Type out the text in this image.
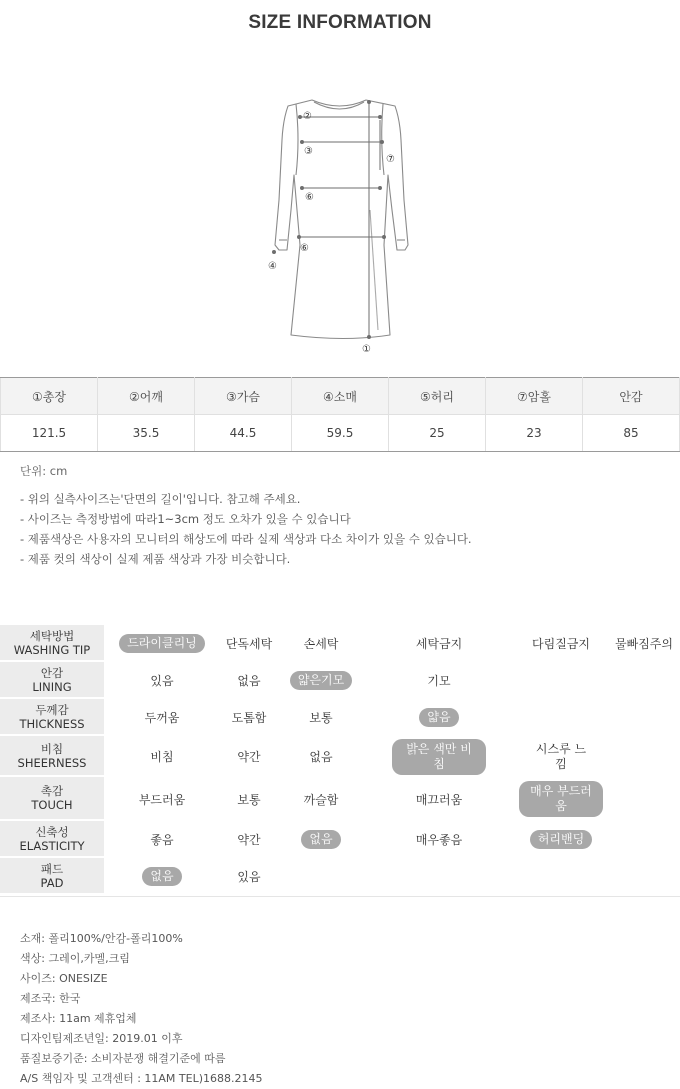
SIZE INFORMATION
②
③
⑥
⑥
⑦
④
①
①총장	②어깨	③가슴	④소매	⑤허리	⑦암홀	안감
121.5	35.5	44.5	59.5	25	23	85
단위: cm
- 위의 실측사이즈는'단면의 길이'입니다. 참고해 주세요.
- 사이즈는 측정방법에 따라1~3cm 정도 오차가 있을 수 있습니다
- 제품색상은 사용자의 모니터의 해상도에 따라 실제 색상과 다소 차이가 있을 수 있습니다.
- 제품 컷의 색상이 실제 제품 색상과 가장 비슷합니다.
세탁방법
WASHING TIP	드라이클리닝	단독세탁	손세탁	세탁금지	다림질금지	물빠짐주의
안감
LINING	있음	없음	얇은기모	기모		
두께감
THICKNESS	두꺼움	도톰함	보통	얇음		
비침
SHEERNESS	비침	약간	없음	밝은 색만 비침	시스루 느낌	
촉감
TOUCH	부드러움	보통	까슬함	매끄러움	매우 부드러움	
신축성
ELASTICITY	좋음	약간	없음	매우좋음	허리밴딩	
패드
PAD	없음	있음				
소재: 폴리100%/안감-폴리100%
색상: 그레이,카멜,크림
사이즈: ONESIZE
제조국: 한국
제조사: 11am 제휴업체
디자인팀제조년일: 2019.01 이후
품질보증기준: 소비자분쟁 해결기준에 따름
A/S 책임자 및 고객센터 : 11AM TEL)1688.2145
